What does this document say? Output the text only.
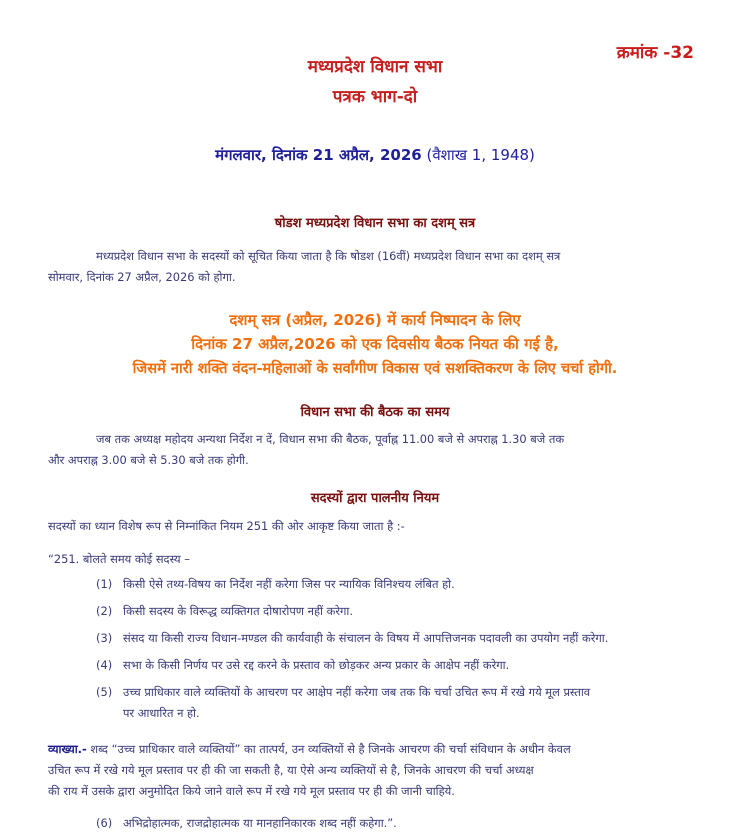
क्रमांक -32
मध्यप्रदेश विधान सभा
पत्रक भाग-दो
मंगलवार, दिनांक 21 अप्रैल, 2026 (वैशाख 1, 1948)
षोडश मध्यप्रदेश विधान सभा का दशम् सत्र
मध्यप्रदेश विधान सभा के सदस्यों को सूचित किया जाता है कि षोडश (16वीं) मध्यप्रदेश विधान सभा का दशम् सत्र
सोमवार, दिनांक 27 अप्रैल, 2026 को होगा.
दशम् सत्र (अप्रैल, 2026) में कार्य निष्पादन के लिए
दिनांक 27 अप्रैल,2026 को एक दिवसीय बैठक नियत की गई है,
जिसमें नारी शक्ति वंदन-महिलाओं के सर्वांगीण विकास एवं सशक्तिकरण के लिए चर्चा होगी.
विधान सभा की बैठक का समय
जब तक अध्यक्ष महोदय अन्यथा निर्देश न दें, विधान सभा की बैठक, पूर्वाह्न 11.00 बजे से अपराह्न 1.30 बजे तक
और अपराह्न 3.00 बजे से 5.30 बजे तक होगी.
सदस्यों द्वारा पालनीय नियम
सदस्यों का ध्यान विशेष रूप से निम्नांकित नियम 251 की ओर आकृष्ट किया जाता है :-
“251. बोलते समय कोई सदस्य –
(1) किसी ऐसे तथ्य-विषय का निर्देश नहीं करेगा जिस पर न्यायिक विनिश्चय लंबित हो.
(2) किसी सदस्य के विरूद्ध व्यक्तिगत दोषारोपण नहीं करेगा.
(3) संसद या किसी राज्य विधान-मण्डल की कार्यवाही के संचालन के विषय में आपत्तिजनक पदावली का उपयोग नहीं करेगा.
(4) सभा के किसी निर्णय पर उसे रद्द करने के प्रस्ताव को छोड़कर अन्य प्रकार के आक्षेप नहीं करेगा.
(5) उच्च प्राधिकार वाले व्यक्तियों के आचरण पर आक्षेप नहीं करेगा जब तक कि चर्चा उचित रूप में रखे गये मूल प्रस्ताव
पर आधारित न हो.
व्याख्या.- शब्द “उच्च प्राधिकार वाले व्यक्तियों” का तात्पर्य, उन व्यक्तियों से है जिनके आचरण की चर्चा संविधान के अधीन केवल
उचित रूप में रखे गये मूल प्रस्ताव पर ही की जा सकती है, या ऐसे अन्य व्यक्तियों से है, जिनके आचरण की चर्चा अध्यक्ष
की राय में उसके द्वारा अनुमोदित किये जाने वाले रूप में रखे गये मूल प्रस्ताव पर ही की जानी चाहिये.
(6) अभिद्रोहात्मक, राजद्रोहात्मक या मानहानिकारक शब्द नहीं कहेगा.”.
